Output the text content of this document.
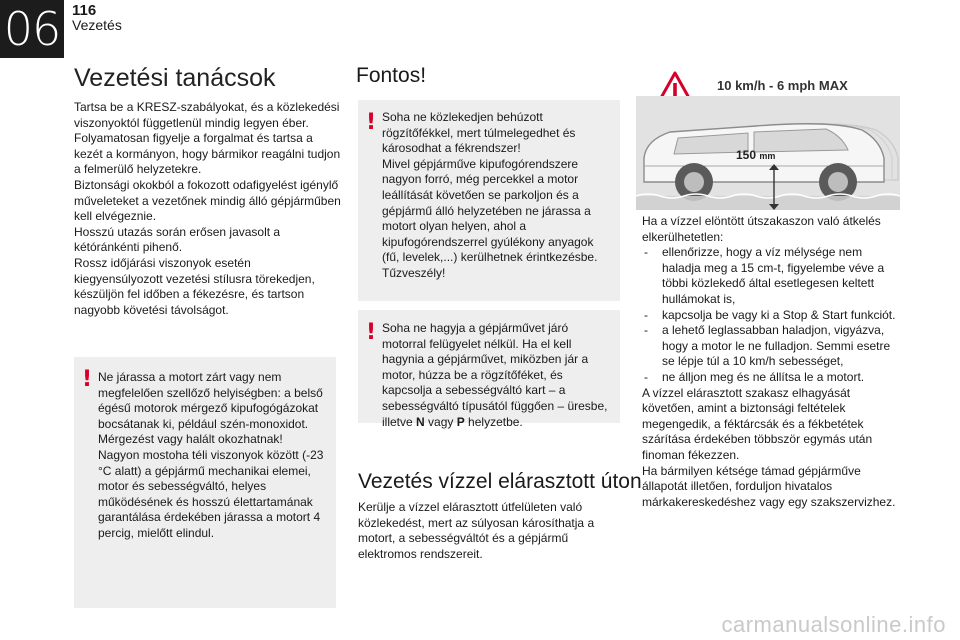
06 116
Vezetés
Vezetési tanácsok

Tartsa be a KRESZ-szabályokat, és a közlekedési viszonyoktól függetlenül mindig legyen éber.

Folyamatosan figyelje a forgalmat és tartsa a kezét a kormányon, hogy bármikor reagálni tudjon a felmerülő helyzetekre.

Biztonsági okokból a fokozott odafigyelést igénylő műveleteket a vezetőnek mindig álló gépjárműben kell elvégeznie.

Hosszú utazás során erősen javasolt a kétóránkénti pihenő.

Rossz időjárási viszonyok esetén kiegyensúlyozott vezetési stílusra törekedjen, készüljön fel időben a fékezésre, és tartson nagyobb követési távolságot.

! Ne járassa a motort zárt vagy nem megfelelően szellőző helyiségben: a belső égésű motorok mérgező kipufogógázokat bocsátanak ki, például szén-monoxidot.

Mérgezést vagy halált okozhatnak!

Nagyon mostoha téli viszonyok között (-23 °C alatt) a gépjármű mechanikai elemei, motor és sebességváltó, helyes működésének és hosszú élettartamának garantálása érdekében járassa a motort 4 percig, mielőtt elindul.

Fontos!
! Soha ne közlekedjen behúzott rögzítőfékkel, mert túlmelegedhet és károsodhat a fékrendszer!

Mivel gépjárműve kipufogórendszere nagyon forró, még percekkel a motor leállítását követően se parkoljon és a gépjármű álló helyzetében ne járassa a motort olyan helyen, ahol a kipufogórendszerrel gyúlékony anyagok (fű, levelek,...) kerülhetnek érintkezésbe.

Tűzveszély!

! Soha ne hagyja a gépjárművet járó motorral felügyelet nélkül. Ha el kell hagynia a gépjárművet, miközben jár a motor, húzza be a rögzítőféket, és kapcsolja a sebességváltó kart – a sebességváltó típusától függően – üresbe, illetve N vagy P helyzetbe.

Vezetés vízzel elárasztott úton

Kerülje a vízzel elárasztott útfelületen való közlekedést, mert az súlyosan károsíthatja a motort, a sebességváltót és a gépjármű elektromos rendszereit.

10 km/h - 6 mph MAX
150 mm

Ha a vízzel elöntött útszakaszon való átkelés elkerülhetetlen:

- ellenőrizze, hogy a víz mélysége nem haladja meg a 15 cm-t, figyelembe véve a többi közlekedő által esetlegesen keltett hullámokat is,
- kapcsolja be vagy ki a Stop & Start funkciót.
- a lehető leglassabban haladjon, vigyázva, hogy a motor le ne fulladjon. Semmi esetre se lépje túl a 10 km/h sebességet,
- ne álljon meg és ne állítsa le a motort.

A vízzel elárasztott szakasz elhagyását követően, amint a biztonsági feltételek megengedik, a féktárcsák és a fékbetétek szárítása érdekében többször egymás után finoman fékezzen.

Ha bármilyen kétsége támad gépjárműve állapotát illetően, forduljon hivatalos márkakereskedéshez vagy egy szakszervizhez.

carmanualsonline.info
